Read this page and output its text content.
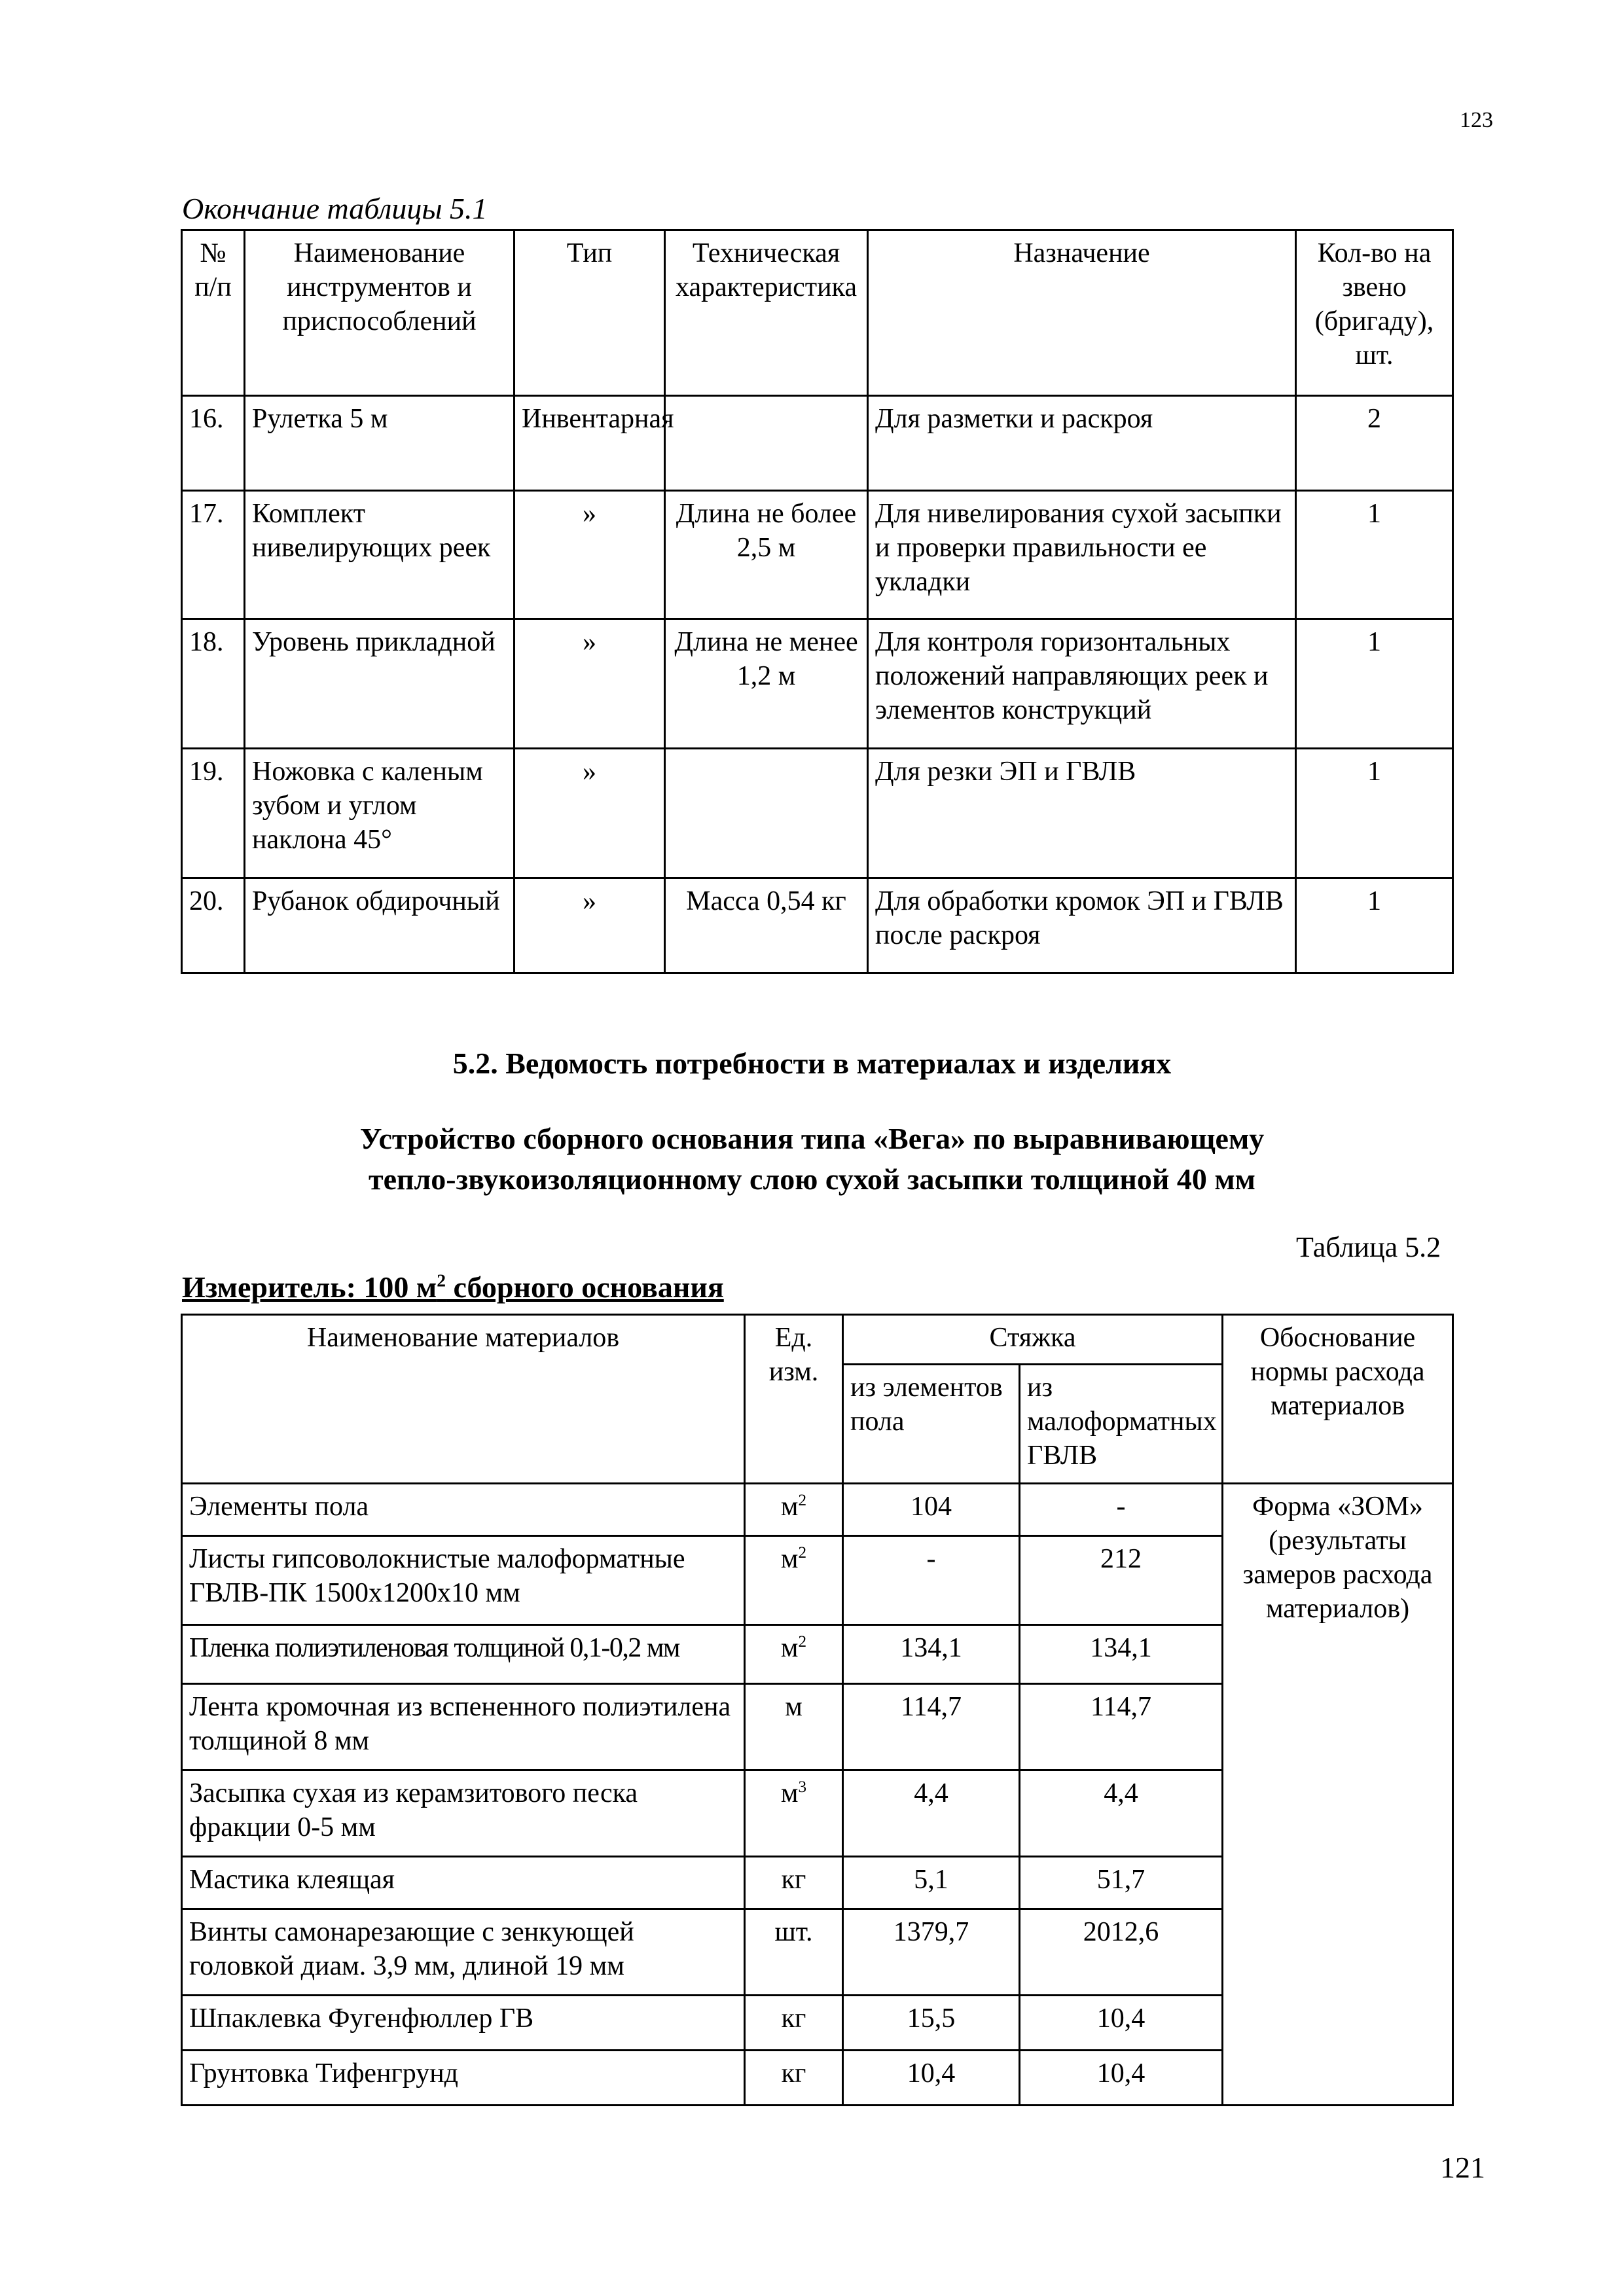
123
Окончание таблицы 5.1
№ п/п	Наименование инструментов и приспособлений	Тип	Техническая характеристика	Назначение	Кол-во на звено (бригаду), шт.
16.	Рулетка 5 м	Инвентарная		Для разметки и раскроя	2
17.	Комплект нивелирующих реек	»	Длина не более 2,5 м	Для нивелирования сухой засыпки и проверки правильности ее укладки	1
18.	Уровень прикладной	»	Длина не менее 1,2 м	Для контроля горизонтальных положений направляющих реек и элементов конструкций	1
19.	Ножовка с каленым зубом и углом наклона 45°	»		Для резки ЭП и ГВЛВ	1
20.	Рубанок обдирочный	»	Масса 0,54 кг	Для обработки кромок ЭП и ГВЛВ после раскроя	1
5.2. Ведомость потребности в материалах и изделиях
Устройство сборного основания типа «Вега» по выравнивающему
тепло-звукоизоляционному слою сухой засыпки толщиной 40 мм
Таблица 5.2
Измеритель: 100 $м^2$ сборного основания
Наименование материалов	Ед. изм.	Стяжка		Обоснование нормы расхода материалов
		из элементов пола	из малоформатных ГВЛВ	
Элементы пола	$м^2$	104	-	Форма «ЗОМ» (результаты замеров расхода материалов)
Листы гипсоволокнистые малоформатные ГВЛВ-ПК 1500х1200х10 мм	$м^2$	-	212	
Пленка полиэтиленовая толщиной 0,1-0,2 мм	$м^2$	134,1	134,1	
Лента кромочная из вспененного полиэтилена толщиной 8 мм	м	114,7	114,7	
Засыпка сухая из керамзитового песка фракции 0-5 мм	$м^3$	4,4	4,4	
Мастика клеящая	кг	5,1	51,7	
Винты самонарезающие с зенкующей головкой диам. 3,9 мм, длиной 19 мм	шт.	1379,7	2012,6	
Шпаклевка Фугенфюллер ГВ	кг	15,5	10,4	
Грунтовка Тифенгрунд	кг	10,4	10,4	
121
